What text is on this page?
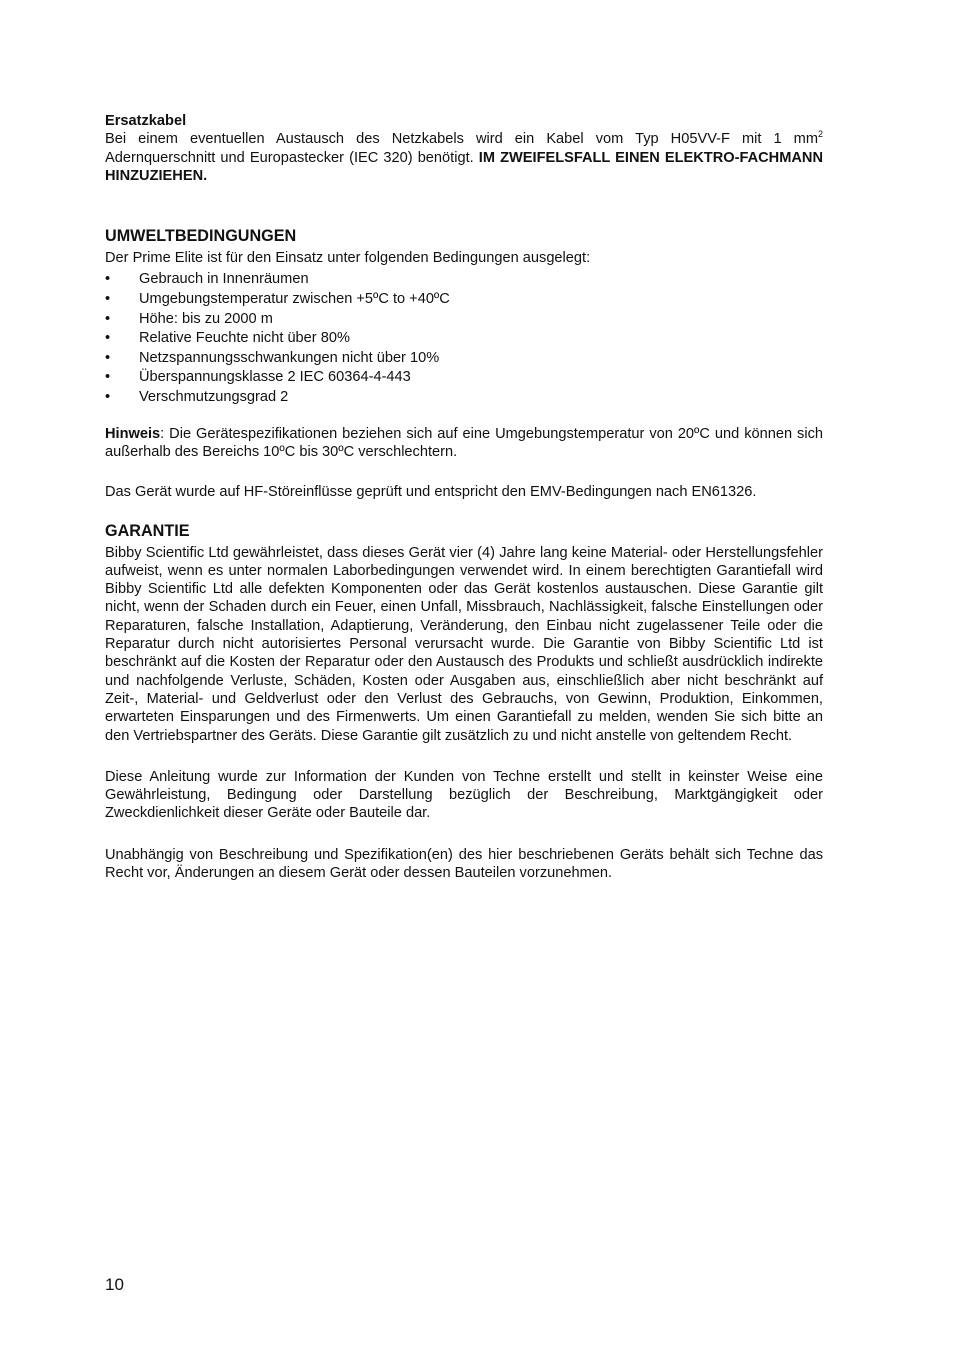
Ersatzkabel

Bei einem eventuellen Austausch des Netzkabels wird ein Kabel vom Typ H05VV-F mit 1 $mm^2$ Adernquerschnitt und Europastecker (IEC 320) benötigt. IM ZWEIFELSFALL EINEN ELEKTRO-FACHMANN HINZUZIEHEN.

UMWELTBEDINGUNGEN

Der Prime Elite ist für den Einsatz unter folgenden Bedingungen ausgelegt:

• Gebrauch in Innenräumen
• Umgebungstemperatur zwischen +5ºC to +40ºC
• Höhe: bis zu 2000 m
• Relative Feuchte nicht über 80%
• Netzspannungsschwankungen nicht über 10%
• Überspannungsklasse 2 IEC 60364-4-443
• Verschmutzungsgrad 2

Hinweis: Die Gerätespezifikationen beziehen sich auf eine Umgebungstemperatur von 20ºC und können sich außerhalb des Bereichs 10ºC bis 30ºC verschlechtern.

Das Gerät wurde auf HF-Störeinflüsse geprüft und entspricht den EMV-Bedingungen nach EN61326.

GARANTIE

Bibby Scientific Ltd gewährleistet, dass dieses Gerät vier (4) Jahre lang keine Material- oder Herstellungsfehler aufweist, wenn es unter normalen Laborbedingungen verwendet wird. In einem berechtigten Garantiefall wird Bibby Scientific Ltd alle defekten Komponenten oder das Gerät kostenlos austauschen. Diese Garantie gilt nicht, wenn der Schaden durch ein Feuer, einen Unfall, Missbrauch, Nachlässigkeit, falsche Einstellungen oder Reparaturen, falsche Installation, Adaptierung, Veränderung, den Einbau nicht zugelassener Teile oder die Reparatur durch nicht autorisiertes Personal verursacht wurde. Die Garantie von Bibby Scientific Ltd ist beschränkt auf die Kosten der Reparatur oder den Austausch des Produkts und schließt ausdrücklich indirekte und nachfolgende Verluste, Schäden, Kosten oder Ausgaben aus, einschließlich aber nicht beschränkt auf Zeit-, Material- und Geldverlust oder den Verlust des Gebrauchs, von Gewinn, Produktion, Einkommen, erwarteten Einsparungen und des Firmenwerts. Um einen Garantiefall zu melden, wenden Sie sich bitte an den Vertriebspartner des Geräts. Diese Garantie gilt zusätzlich zu und nicht anstelle von geltendem Recht.

Diese Anleitung wurde zur Information der Kunden von Techne erstellt und stellt in keinster Weise eine Gewährleistung, Bedingung oder Darstellung bezüglich der Beschreibung, Marktgängigkeit oder Zweckdienlichkeit dieser Geräte oder Bauteile dar.

Unabhängig von Beschreibung und Spezifikation(en) des hier beschriebenen Geräts behält sich Techne das Recht vor, Änderungen an diesem Gerät oder dessen Bauteilen vorzunehmen.

10
